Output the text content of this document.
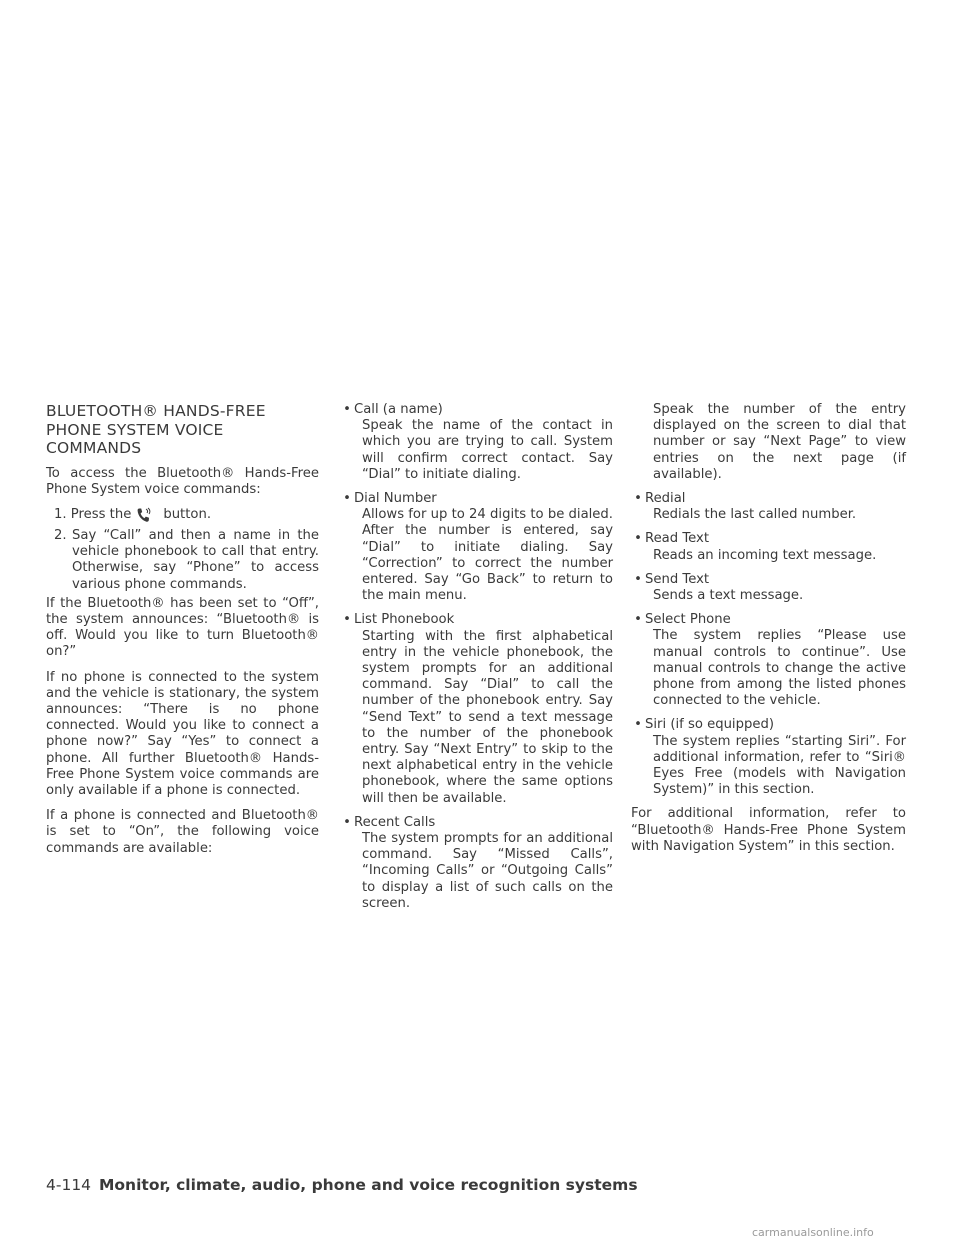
BLUETOOTH® HANDS-FREE
PHONE SYSTEM VOICE
COMMANDS

To access the Bluetooth® Hands-Free Phone System voice commands:

1. Press the button.
2. Say “Call” and then a name in the vehicle phonebook to call that entry. Otherwise, say “Phone” to access various phone commands.

If the Bluetooth® has been set to “Off”, the system announces: “Bluetooth® is off. Would you like to turn Bluetooth® on?”

If no phone is connected to the system and the vehicle is stationary, the system announces: “There is no phone connected. Would you like to connect a phone now?” Say “Yes” to connect a phone. All further Bluetooth® Hands-Free Phone System voice commands are only available if a phone is connected.

If a phone is connected and Bluetooth® is set to “On”, the following voice commands are available:

• Call (a name)
Speak the name of the contact in which you are trying to call. System will confirm correct contact. Say “Dial” to initiate dialing.
• Dial Number
Allows for up to 24 digits to be dialed. After the number is entered, say “Dial” to initiate dialing. Say “Correction” to correct the number entered. Say “Go Back” to return to the main menu.
• List Phonebook
Starting with the first alphabetical entry in the vehicle phonebook, the system prompts for an additional command. Say “Dial” to call the number of the phonebook entry. Say “Send Text” to send a text message to the number of the phonebook entry. Say “Next Entry” to skip to the next alphabetical entry in the vehicle phonebook, where the same options will then be available.
• Recent Calls
The system prompts for an additional command. Say “Missed Calls”, “Incoming Calls” or “Outgoing Calls” to display a list of such calls on the screen.
Speak the number of the entry displayed on the screen to dial that number or say “Next Page” to view entries on the next page (if available).
• Redial
Redials the last called number.
• Read Text
Reads an incoming text message.
• Send Text
Sends a text message.
• Select Phone
The system replies “Please use manual controls to continue”. Use manual controls to change the active phone from among the listed phones connected to the vehicle.
• Siri (if so equipped)
The system replies “starting Siri”. For additional information, refer to “Siri® Eyes Free (models with Navigation System)” in this section.

For additional information, refer to “Bluetooth® Hands-Free Phone System with Navigation System” in this section.

4-114 Monitor, climate, audio, phone and voice recognition systems
carmanualsonline.info
